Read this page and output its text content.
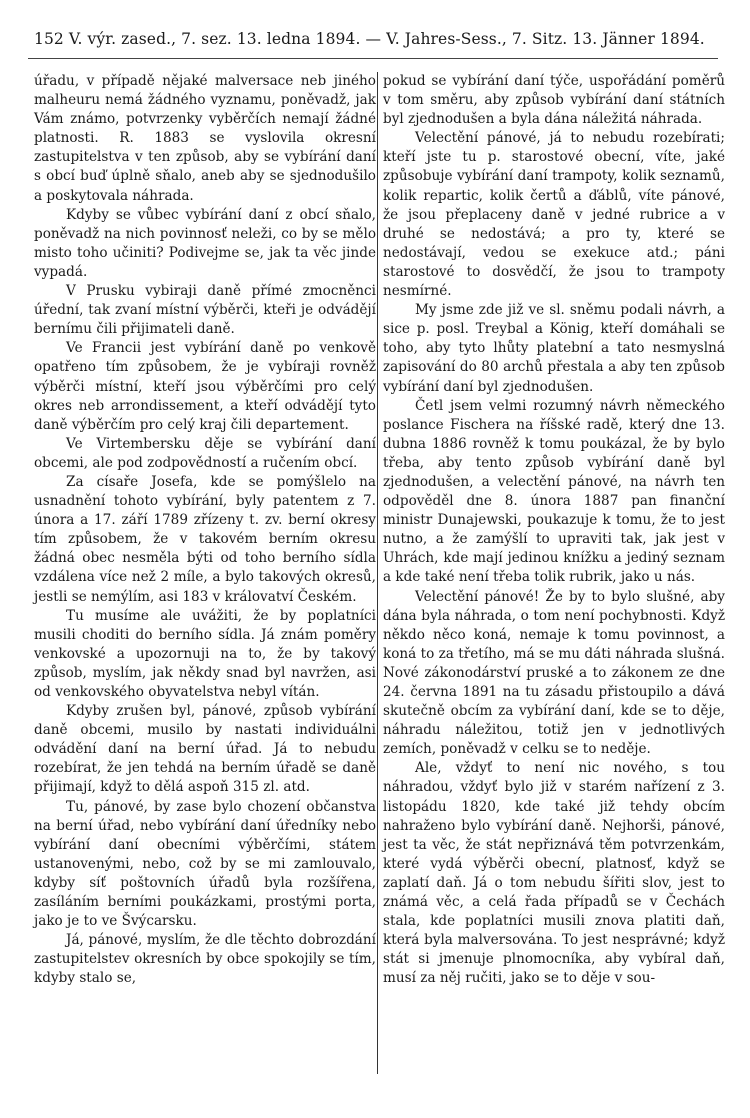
152 V. výr. zased., 7. sez. 13. ledna 1894. — V. Jahres-Sess., 7. Sitz. 13. Jänner 1894.

úřadu, v případě nějaké malversace neb jiného malheuru nemá žádného vyznamu, poněvadž, jak Vám známo, potvrzenky vyběrčích nemají žádné platnosti. R. 1883 se vyslovila okresní zastupitelstva v ten způsob, aby se vybírání daní s obcí buď úplně sňalo, aneb aby se sjednodušilo a poskytovala náhrada.

Kdyby se vůbec vybírání daní z obcí sňalo, poněvadž na nich povinnosť neleži, co by se mělo misto toho učiniti? Podivejme se, jak ta věc jinde vypadá.

V Prusku vybiraji daně přímé zmocněnci úřední, tak zvaní místní výběrči, kteři je odvádějí bernímu čili přijimateli daně.

Ve Francii jest vybírání daně po venkově opatřeno tím způsobem, že je vybíraji rovněž výběrči místní, kteří jsou výběrčími pro celý okres neb arrondissement, a kteří odvádějí tyto daně výběrčím pro celý kraj čili departement.

Ve Virtembersku děje se vybírání daní obcemi, ale pod zodpovědností a ručením obcí.

Za císaře Josefa, kde se pomýšlelo na usnadnění tohoto vybírání, byly patentem z 7. února a 17. září 1789 zřízeny t. zv. berní okresy tím způsobem, že v takovém berním okresu žádná obec nesměla býti od toho berního sídla vzdálena více než 2 míle, a bylo takových okresů, jestli se nemýlím, asi 183 v královatví Českém.

Tu musíme ale uvážiti, že by poplatníci musili choditi do berního sídla. Já znám poměry venkovské a upozornuji na to, že by takový způsob, myslím, jak někdy snad byl navržen, asi od venkovského obyvatelstva nebyl vítán.

Kdyby zrušen byl, pánové, způsob vybírání daně obcemi, musilo by nastati individuálni odvádění daní na berní úřad. Já to nebudu rozebírat, že jen tehdá na berním úřadě se daně přijimají, když to dělá aspoň 315 zl. atd.

Tu, pánové, by zase bylo chození občanstva na berní úřad, nebo vybírání daní úředníky nebo vybírání daní obecními výběrčími, státem ustanovenými, nebo, což by se mi zamlouvalo, kdyby síť poštovních úřadů byla rozšířena, zasíláním berními poukázkami, prostými porta, jako je to ve Švýcarsku.

Já, pánové, myslím, že dle těchto dobrozdání zastupitelstev okresních by obce spokojily se tím, kdyby stalo se,

pokud se vybírání daní týče, uspořádání poměrů v tom směru, aby způsob vybírání daní státních byl zjednodušen a byla dána náležitá náhrada.

Velectění pánové, já to nebudu rozebírati; kteří jste tu p. starostové obecní, víte, jaké způsobuje vybírání daní trampoty, kolik seznamů, kolik repartic, kolik čertů a ďáblů, víte pánové, že jsou přeplaceny daně v jedné rubrice a v druhé se nedostává; a pro ty, které se nedostávají, vedou se exekuce atd.; páni starostové to dosvědčí, že jsou to trampoty nesmírné.

My jsme zde již ve sl. sněmu podali návrh, a sice p. posl. Treybal a König, kteří domáhali se toho, aby tyto lhůty platební a tato nesmyslná zapisování do 80 archů přestala a aby ten způsob vybírání daní byl zjednodušen.

Četl jsem velmi rozumný návrh německého poslance Fischera na říšské radě, který dne 13. dubna 1886 rovněž k tomu poukázal, že by bylo třeba, aby tento způsob vybírání daně byl zjednodušen, a velectění pánové, na návrh ten odpověděl dne 8. února 1887 pan finanční ministr Dunajewski, poukazuje k tomu, že to jest nutno, a že zamýšlí to upraviti tak, jak jest v Uhrách, kde mají jedinou knížku a jediný seznam a kde také není třeba tolik rubrik, jako u nás.

Velectění pánové! Že by to bylo slušné, aby dána byla náhrada, o tom není pochybnosti. Když někdo něco koná, nemaje k tomu povinnost, a koná to za třetího, má se mu dáti náhrada slušná. Nové zákonodárství pruské a to zákonem ze dne 24. června 1891 na tu zásadu přistoupilo a dává skutečně obcím za vybírání daní, kde se to děje, náhradu náležitou, totiž jen v jednotlivých zemích, poněvadž v celku se to neděje.

Ale, vždyť to není nic nového, s tou náhradou, vždyť bylo již v starém nařízení z 3. listopádu 1820, kde také již tehdy obcím nahraženo bylo vybírání daně. Nejhorši, pánové, jest ta věc, že stát nepřiznává těm potvrzenkám, které vydá výběrči obecní, platnosť, když se zaplatí daň. Já o tom nebudu šířiti slov, jest to známá věc, a celá řada případů se v Čechách stala, kde poplatníci musili znova platiti daň, která byla malversována. To jest nesprávné; když stát si jmenuje plnomocníka, aby vybíral daň, musí za něj ručiti, jako se to děje v sou-
